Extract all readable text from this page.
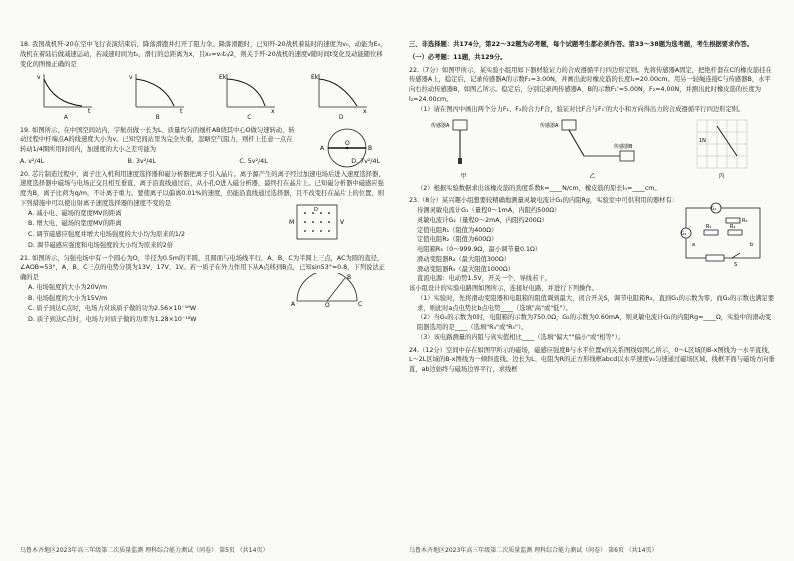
18. 我国战机歼-20在空中飞行表演结束后，降落滑跑并打开了阻力伞。降落滑跑时，已知歼-20战机着陆时的速度为v₀，动能为E₀，战机在着陆后做减速运动，若减速时间为t₀，滑行的总距离为x，且x₀=v₀t₀/2，则关于歼-20战机的速度v随时间t变化及动能随位移变化的图像正确的是
v
t
A
v
t
B
Ek
x
C
Ek
x
D
19. 如图所示，在中国空间站内，宇航员做一长为L、质量均匀的细杆AB绕其中心O做匀速转动，转动过程中杆端点A的线速度大小为v。已知空间站里为完全失重，忽略空气阻力，则杆上任意一点在转动1/4圈所用时间内，加速度的大小之差可能为	A
O
B
A. v²/4L	B. 3v²/4L	C. 5v²/4L	D. 7v²/4L
20. 芯片制造过程中，离子注入机利用速度选择器和磁分析器把离子引入晶片。离子源产生的离子经过加速电场后进入速度选择器，速度选择器中磁场与电场正交且相互垂直，离子沿直线通过后，从小孔O进入磁分析器，最终打在晶片上。已知磁分析器中磁感应强度为B，离子比荷为q/m，不计离子重力。要使离子以偏离0.01%的速度，仍能沿直线通过选择器，且不改变打在晶片上的位置，则下列措施中可以使出射离子速度选择器的速度不变的是
A. 减小电、磁场的宽度MV的距离
B. 增大电、磁场的宽度MV的距离
C. 调节磁感应强度并增大电场强度的大小均为原来的1/2
D. 调节磁感应强度和电场强度的大小均为原来的2倍
M	V
D
21. 如图所示，匀强电场中有一个圆心为O，半径为0.5m的半圆，且圆面与电场线平行，A、B、C为半圆上三点，AC为圆的直径，∠AOB=53°，A、B、C三点的电势分别为13V、17V、1V。若一质子在外力作用下从A点移到B点，已知sin53°=0.8，下列说法正确的是
A. 电场强度的大小为20V/m
B. 电场强度的大小为15V/m
C. 质子到达C点时，电场力对该质子做的功为2.56×10⁻¹⁸W
D. 质子到达C点时，电场力对质子做的功率为1.28×10⁻¹⁸W
A	O
B
C
乌鲁木齐地区2023年高三年级第二次质量监测 理科综合能力测试（问卷） 第5页 （共14页）
三、非选择题：共174分，第22～32题为必考题，每个试题考生都必须作答。第33～38题为选考题，考生根据要求作答。
（一）必考题：11题，共129分。
22.（7分）如图甲所示，某实验小组用如下器材验证力的合成遵循平行四边形定则。先将传感器A固定，把绝杆套在C的橡皮筋挂在传感器A上，稳定后，记录传感器A的示数F₁=3.00N，并画出此时橡皮筋的长度l₁=20.00cm。用另一轻绳连接C与传感器B，水平向右拉动传感器B，如图乙所示。稳定后，分别记录两传感器A、B的示数F₁'=5.00N，F₂=4.00N，并测出此时橡皮筋的长度为l₂=24.00cm。
（1）请在图丙中画出两个分力F₁、F₂的合力F合，验证对比F合与F₁'的大小和方向得出力的合成遵循平行四边形定则。
传感器A
甲
传感器A
传感器B
乙
1N
丙
（2）根据实验数据求出该橡皮筋的劲度系数k=____N/cm，橡皮筋的原长l₀=____cm。
23.（8分）某兴趣小组想要较精确地测量灵敏电流计G₁的内阻Rg，实验室中可供利用的器材有：
待测灵敏电流计G₁（量程0～1mA，内阻约500Ω）
灵敏电流计G₂（量程0～2mA，内阻约200Ω）
定值电阻R₁（阻值为400Ω）
定值电阻R₂（阻值为600Ω）
电阻箱R₃（0～999.9Ω，最小调节量0.1Ω）
滑动变阻器R₄（最大阻值300Ω）
滑动变阻器R₅（最大阻值1000Ω）
直流电源：电动势1.5V，开关一个，导线若干。
G₁
R₃
G₂
R₁	R₂
a	b
S
该小组设计的实验电路图如图所示，连接好电路，并进行下列操作。
（1）实验时，先将滑动变阻器和电阻箱的阻值调到最大，闭合开关S，调节电阻箱R₃，直到G₁的示数为零，而G₂的示数也满足要求，则此时a点电势比b点电势____（选填"高"或"低"）。
（2）当G₁的示数为0时，电阻箱的示数为750.0Ω，G₂的示数为0.60mA，则灵敏电流计G₁的内阻Rg=____Ω，实验中的滑动变阻器选用的是____（选填"R₄"或"R₅"）。
（3）该电路测量的内阻与真实值相比____（选填"偏大""偏小"或"相等"）。
24.（12分）空间中存在如图甲所示的磁场，磁感应强度B与水平位置x的关系图线如图乙所示，0～L区域的B-x图线为一水平直线，L～2L区域的B-x图线为一倾斜直线。边长为L、电阻为R的正方形线框abcd以水平速度v₀匀速通过磁场区域，线框平面与磁场方向垂直，ab边始终与磁场边界平行，求线框
乌鲁木齐地区2023年高三年级第二次质量监测 理科综合能力测试（问卷） 第6页 （共14页）
